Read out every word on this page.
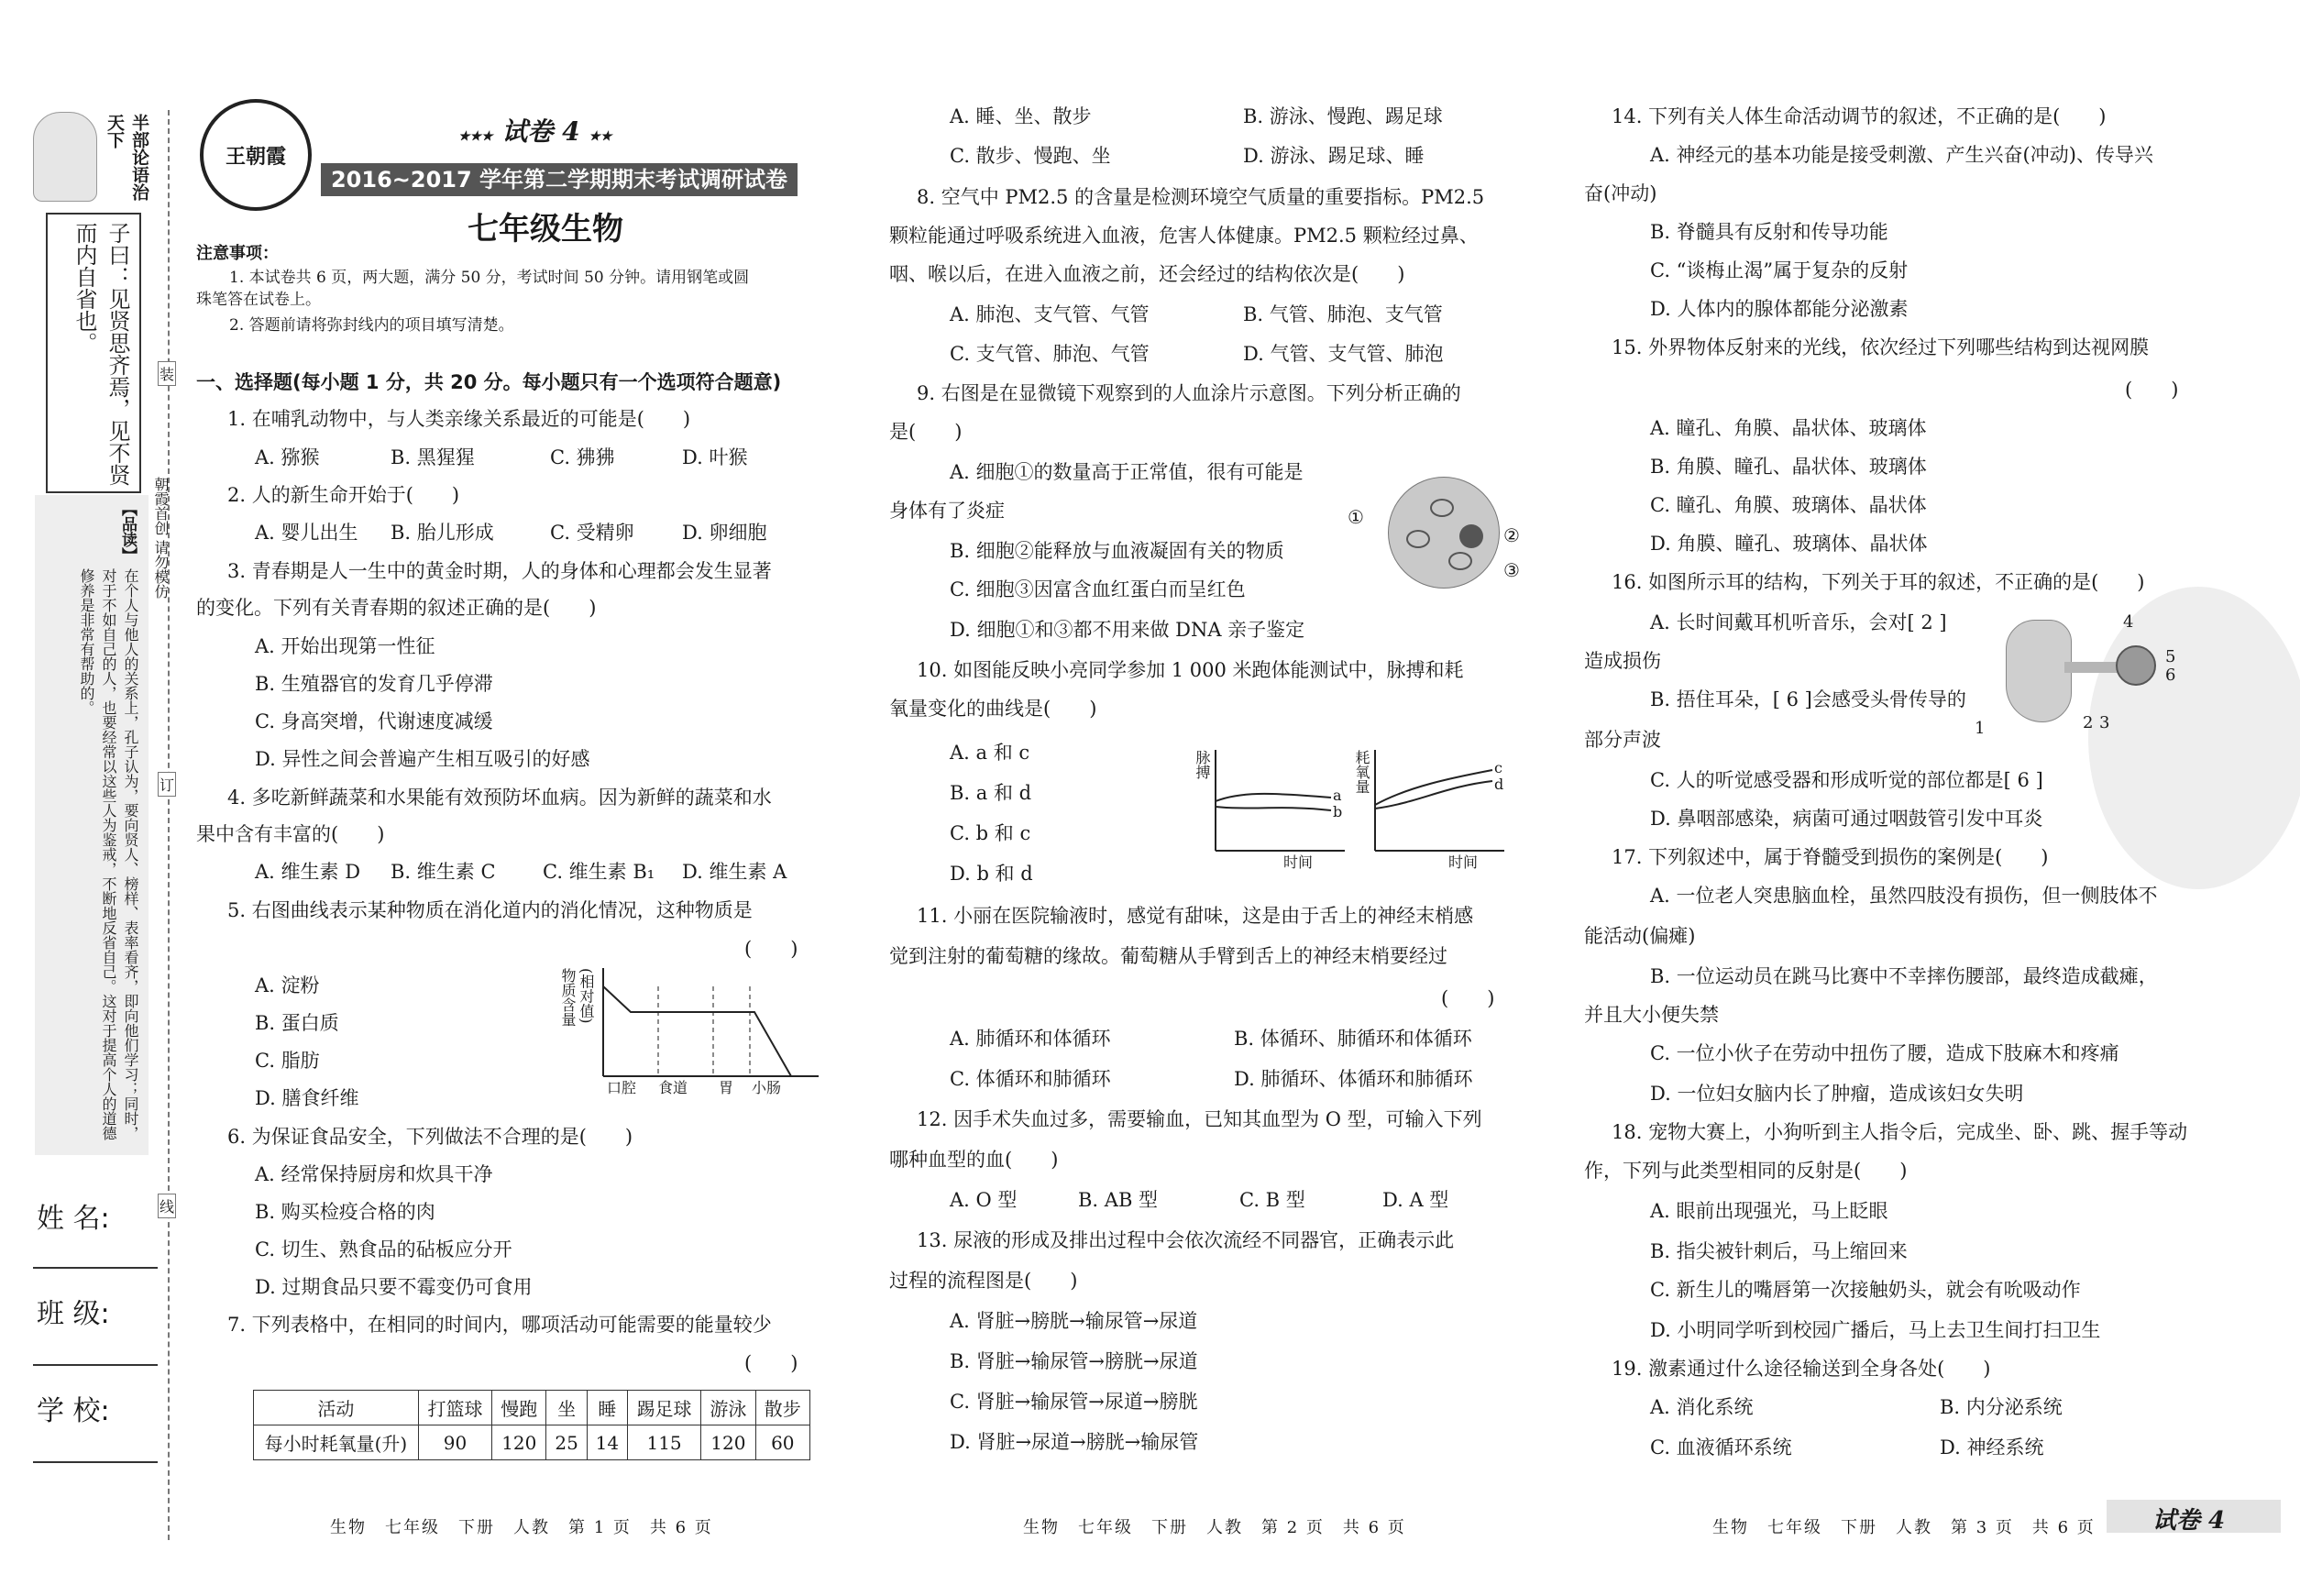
半部论语治天下
子曰：见贤思齐焉，见不贤而内自省也。
【品读】
在个人与他人的关系上，孔子认为，要向贤人、榜样、表率看齐，即向他们学习；同时，对于不如自己的人，也要经常以这些人为鉴戒，不断地反省自己。这对于提高个人的道德修养是非常有帮助的。
朝霞首创 请勿模仿
装
订
线
姓 名:
班 级:
学 校:
王朝霞
★★★ 试卷 4 ★★
2016~2017 学年第二学期期末考试调研试卷
七年级生物
注意事项：
1. 本试卷共 6 页，两大题，满分 50 分，考试时间 50 分钟。请用钢笔或圆
珠笔答在试卷上。
2. 答题前请将弥封线内的项目填写清楚。
一、选择题(每小题 1 分，共 20 分。每小题只有一个选项符合题意)
1. 在哺乳动物中，与人类亲缘关系最近的可能是(　　)
A. 猕猴	B. 黑猩猩	C. 狒狒	D. 叶猴
2. 人的新生命开始于(　　)
A. 婴儿出生 B. 胎儿形成	C. 受精卵 D. 卵细胞
3. 青春期是人一生中的黄金时期，人的身体和心理都会发生显著
的变化。下列有关青春期的叙述正确的是(　　)
A. 开始出现第一性征
B. 生殖器官的发育几乎停滞
C. 身高突增，代谢速度减缓
D. 异性之间会普遍产生相互吸引的好感
4. 多吃新鲜蔬菜和水果能有效预防坏血病。因为新鲜的蔬菜和水
果中含有丰富的(　　)
A. 维生素 D B. 维生素 C C. 维生素 B₁ D. 维生素 A
5. 右图曲线表示某种物质在消化道内的消化情况，这种物质是
(　　)
A. 淀粉
B. 蛋白质
C. 脂肪
D. 膳食纤维
物质含量 (相对值)
口腔 食道 胃 小肠
6. 为保证食品安全，下列做法不合理的是(　　)
A. 经常保持厨房和炊具干净
B. 购买检疫合格的肉
C. 切生、熟食品的砧板应分开
D. 过期食品只要不霉变仍可食用
7. 下列表格中，在相同的时间内，哪项活动可能需要的能量较少
(　　)
活动	打篮球	慢跑	坐	睡	踢足球	游泳	散步
每小时耗氧量(升)	90	120	25	14	115	120	60
生物　七年级　下册　人教　第 1 页　共 6 页
A. 睡、坐、散步	B. 游泳、慢跑、踢足球
C. 散步、慢跑、坐	D. 游泳、踢足球、睡
8. 空气中 PM2.5 的含量是检测环境空气质量的重要指标。PM2.5
颗粒能通过呼吸系统进入血液，危害人体健康。PM2.5 颗粒经过鼻、
咽、喉以后，在进入血液之前，还会经过的结构依次是(　　)
A. 肺泡、支气管、气管	B. 气管、肺泡、支气管
C. 支气管、肺泡、气管	D. 气管、支气管、肺泡
9. 右图是在显微镜下观察到的人血涂片示意图。下列分析正确的
是(　　)
A. 细胞①的数量高于正常值，很有可能是
身体有了炎症
B. 细胞②能释放与血液凝固有关的物质
C. 细胞③因富含血红蛋白而呈红色
D. 细胞①和③都不用来做 DNA 亲子鉴定
①
②
③
10. 如图能反映小亮同学参加 1 000 米跑体能测试中，脉搏和耗
氧量变化的曲线是(　　)
A. a 和 c
B. a 和 d
C. b 和 c
D. b 和 d
脉搏
a
b
时间
耗氧量	c
d
时间
11. 小丽在医院输液时，感觉有甜味，这是由于舌上的神经末梢感
觉到注射的葡萄糖的缘故。葡萄糖从手臂到舌上的神经末梢要经过
(　　)
A. 肺循环和体循环	B. 体循环、肺循环和体循环
C. 体循环和肺循环	D. 肺循环、体循环和肺循环
12. 因手术失血过多，需要输血，已知其血型为 O 型，可输入下列
哪种血型的血(　　)
A. O 型	B. AB 型	C. B 型	D. A 型
13. 尿液的形成及排出过程中会依次流经不同器官，正确表示此
过程的流程图是(　　)
A. 肾脏→膀胱→输尿管→尿道
B. 肾脏→输尿管→膀胱→尿道
C. 肾脏→输尿管→尿道→膀胱
D. 肾脏→尿道→膀胱→输尿管
生物　七年级　下册　人教　第 2 页　共 6 页
14. 下列有关人体生命活动调节的叙述，不正确的是(　　)
A. 神经元的基本功能是接受刺激、产生兴奋(冲动)、传导兴
奋(冲动)
B. 脊髓具有反射和传导功能
C. “谈梅止渴”属于复杂的反射
D. 人体内的腺体都能分泌激素
15. 外界物体反射来的光线，依次经过下列哪些结构到达视网膜
(　　)
A. 瞳孔、角膜、晶状体、玻璃体
B. 角膜、瞳孔、晶状体、玻璃体
C. 瞳孔、角膜、玻璃体、晶状体
D. 角膜、瞳孔、玻璃体、晶状体
16. 如图所示耳的结构，下列关于耳的叙述，不正确的是(　　)
A. 长时间戴耳机听音乐，会对[ 2 ]
造成损伤
B. 捂住耳朵，[ 6 ]会感受头骨传导的
部分声波
C. 人的听觉感受器和形成听觉的部位都是[ 6 ]
D. 鼻咽部感染，病菌可通过咽鼓管引发中耳炎
4
5
6
1	2 3
17. 下列叙述中，属于脊髓受到损伤的案例是(　　)
A. 一位老人突患脑血栓，虽然四肢没有损伤，但一侧肢体不
能活动(偏瘫)
B. 一位运动员在跳马比赛中不幸摔伤腰部，最终造成截瘫，
并且大小便失禁
C. 一位小伙子在劳动中扭伤了腰，造成下肢麻木和疼痛
D. 一位妇女脑内长了肿瘤，造成该妇女失明
18. 宠物大赛上，小狗听到主人指令后，完成坐、卧、跳、握手等动
作，下列与此类型相同的反射是(　　)
A. 眼前出现强光，马上眨眼
B. 指尖被针刺后，马上缩回来
C. 新生儿的嘴唇第一次接触奶头，就会有吮吸动作
D. 小明同学听到校园广播后，马上去卫生间打扫卫生
19. 激素通过什么途径输送到全身各处(　　)
A. 消化系统	B. 内分泌系统
C. 血液循环系统	D. 神经系统
生物　七年级　下册　人教　第 3 页　共 6 页 试卷 4
